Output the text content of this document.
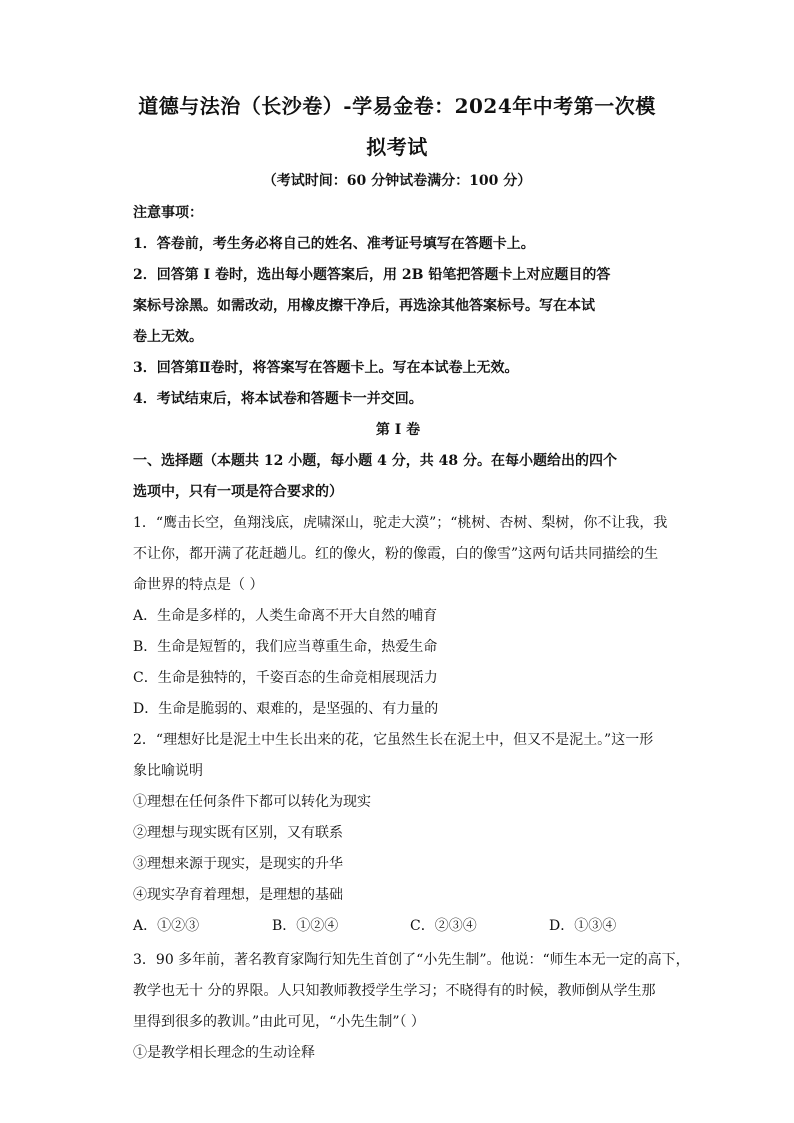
道德与法治（长沙卷）-学易金卷：2024年中考第一次模
拟考试
（考试时间：60 分钟试卷满分：100 分）
注意事项：
1．答卷前，考生务必将自己的姓名、准考证号填写在答题卡上。
2．回答第 I 卷时，选出每小题答案后，用 2B 铅笔把答题卡上对应题目的答
案标号涂黑。如需改动，用橡皮擦干净后，再选涂其他答案标号。写在本试
卷上无效。
3．回答第Ⅱ卷时，将答案写在答题卡上。写在本试卷上无效。
4．考试结束后，将本试卷和答题卡一并交回。
第 I 卷
一、选择题（本题共 12 小题，每小题 4 分，共 48 分。在每小题给出的四个
选项中，只有一项是符合要求的）
1．“鹰击长空，鱼翔浅底，虎啸深山，驼走大漠”；“桃树、杏树、梨树，你不让我，我
不让你，都开满了花赶趟儿。红的像火，粉的像霞，白的像雪”这两句话共同描绘的生
命世界的特点是（ ）
A．生命是多样的，人类生命离不开大自然的哺育
B．生命是短暂的，我们应当尊重生命，热爱生命
C．生命是独特的，千姿百态的生命竞相展现活力
D．生命是脆弱的、艰难的，是坚强的、有力量的
2．“理想好比是泥土中生长出来的花，它虽然生长在泥土中，但又不是泥土。”这一形
象比喻说明
①理想在任何条件下都可以转化为现实
②理想与现实既有区别，又有联系
③理想来源于现实，是现实的升华
④现实孕育着理想，是理想的基础
A．①②③	B．①②④	C．②③④	D．①③④
3．90 多年前，著名教育家陶行知先生首创了“小先生制”。他说：“师生本无一定的高下，
教学也无十 分的界限。人只知教师教授学生学习；不晓得有的时候，教师倒从学生那
里得到很多的教训。”由此可见，“小先生制”（ ）
①是教学相长理念的生动诠释
